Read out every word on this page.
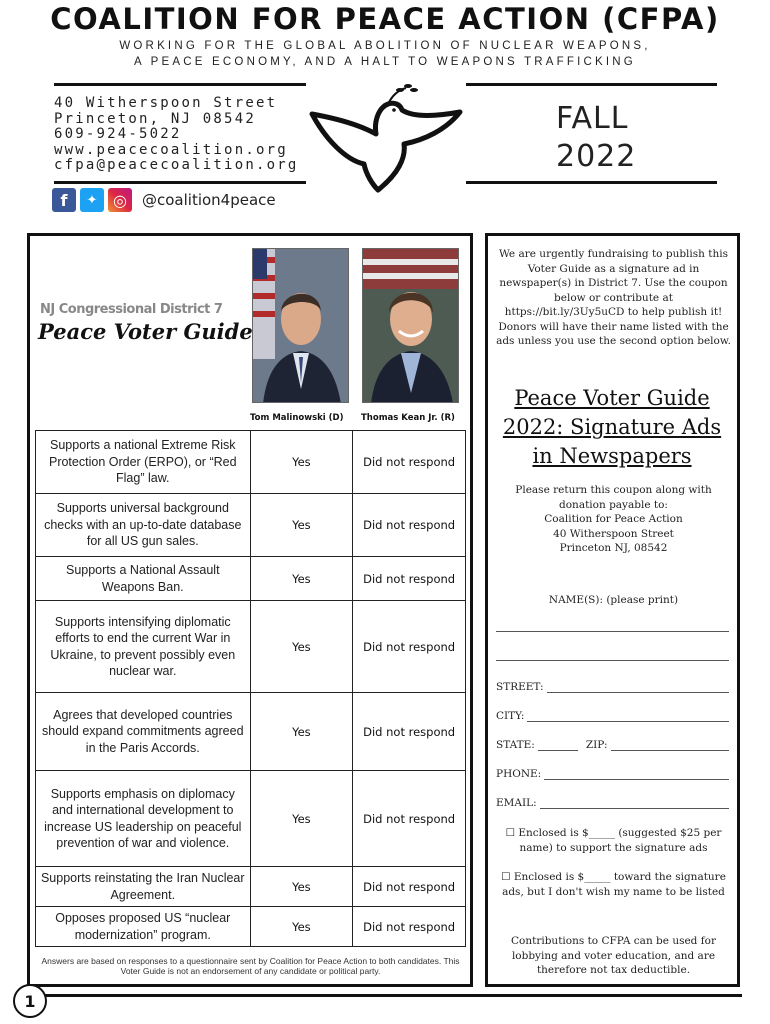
COALITION FOR PEACE ACTION (CFPA)
WORKING FOR THE GLOBAL ABOLITION OF NUCLEAR WEAPONS,
A PEACE ECONOMY, AND A HALT TO WEAPONS TRAFFICKING
40 Witherspoon Street
Princeton, NJ 08542
609-924-5022
www.peacecoalition.org
cfpa@peacecoalition.org
FALL
2022
f	✦ ◎	@coalition4peace
NJ Congressional District 7
Peace Voter Guide
Tom Malinowski (D) Thomas Kean Jr. (R)
Supports a national Extreme Risk Protection Order (ERPO), or “Red Flag” law.	Yes	Did not respond
Supports universal background checks with an up-to-date database for all US gun sales.	Yes	Did not respond
Supports a National Assault Weapons Ban.	Yes	Did not respond
Supports intensifying diplomatic efforts to end the current War in Ukraine, to prevent possibly even nuclear war.	Yes	Did not respond
Agrees that developed countries should expand commitments agreed in the Paris Accords.	Yes	Did not respond
Supports emphasis on diplomacy and international development to increase US leadership on peaceful prevention of war and violence.	Yes	Did not respond
Supports reinstating the Iran Nuclear Agreement.	Yes	Did not respond
Opposes proposed US “nuclear modernization” program.	Yes	Did not respond
Answers are based on responses to a questionnaire sent by Coalition for Peace Action to both candidates. This Voter Guide is not an endorsement of any candidate or political party.
We are urgently fundraising to publish this Voter Guide as a signature ad in newspaper(s) in District 7. Use the coupon below or contribute at https://bit.ly/3Uy5uCD to help publish it! Donors will have their name listed with the ads unless you use the second option below.
Peace Voter Guide 2022: Signature Ads in Newspapers
Please return this coupon along with donation payable to:
Coalition for Peace Action
40 Witherspoon Street
Princeton NJ, 08542
NAME(S): (please print)
STREET:
CITY:
STATE:	ZIP:
PHONE:
EMAIL:
☐ Enclosed is $_____ (suggested $25 per name) to support the signature ads
☐ Enclosed is $_____ toward the signature ads, but I don't wish my name to be listed
Contributions to CFPA can be used for lobbying and voter education, and are therefore not tax deductible.
1
